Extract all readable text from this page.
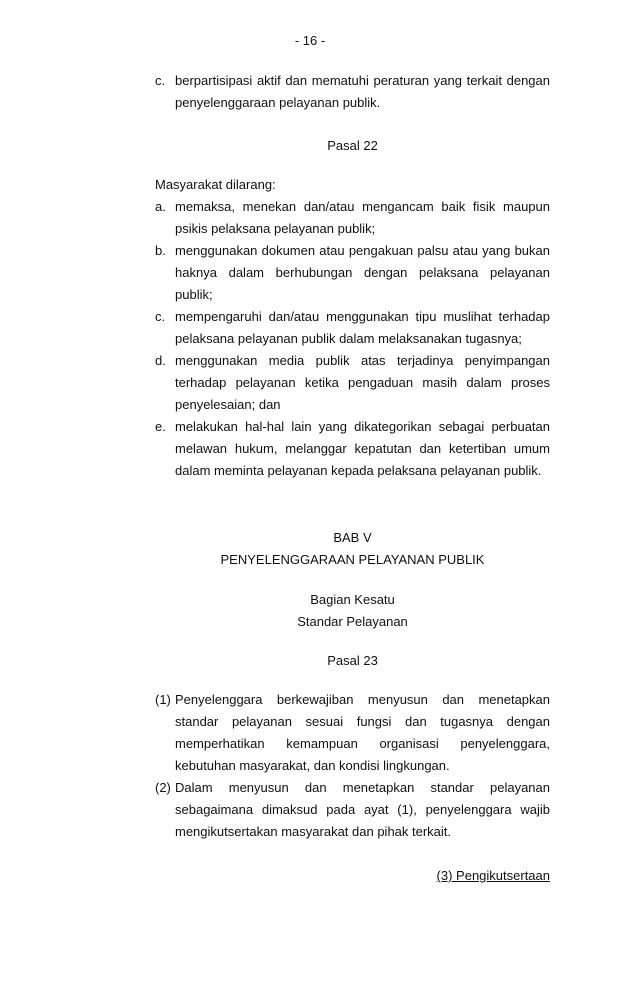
- 16 -
c. berpartisipasi aktif dan mematuhi peraturan yang terkait dengan penyelenggaraan pelayanan publik.
Pasal 22
Masyarakat dilarang:
a. memaksa, menekan dan/atau mengancam baik fisik maupun psikis pelaksana pelayanan publik;
b. menggunakan dokumen atau pengakuan palsu atau yang bukan haknya dalam berhubungan dengan pelaksana pelayanan publik;
c. mempengaruhi dan/atau menggunakan tipu muslihat terhadap pelaksana pelayanan publik dalam melaksanakan tugasnya;
d. menggunakan media publik atas terjadinya penyimpangan terhadap pelayanan ketika pengaduan masih dalam proses penyelesaian; dan
e. melakukan hal-hal lain yang dikategorikan sebagai perbuatan melawan hukum, melanggar kepatutan dan ketertiban umum dalam meminta pelayanan kepada pelaksana pelayanan publik.
BAB V
PENYELENGGARAAN PELAYANAN PUBLIK
Bagian Kesatu
Standar Pelayanan
Pasal 23
(1) Penyelenggara berkewajiban menyusun dan menetapkan standar pelayanan sesuai fungsi dan tugasnya dengan memperhatikan kemampuan organisasi penyelenggara, kebutuhan masyarakat, dan kondisi lingkungan.
(2) Dalam menyusun dan menetapkan standar pelayanan sebagaimana dimaksud pada ayat (1), penyelenggara wajib mengikutsertakan masyarakat dan pihak terkait.
(3) Pengikutsertaan
